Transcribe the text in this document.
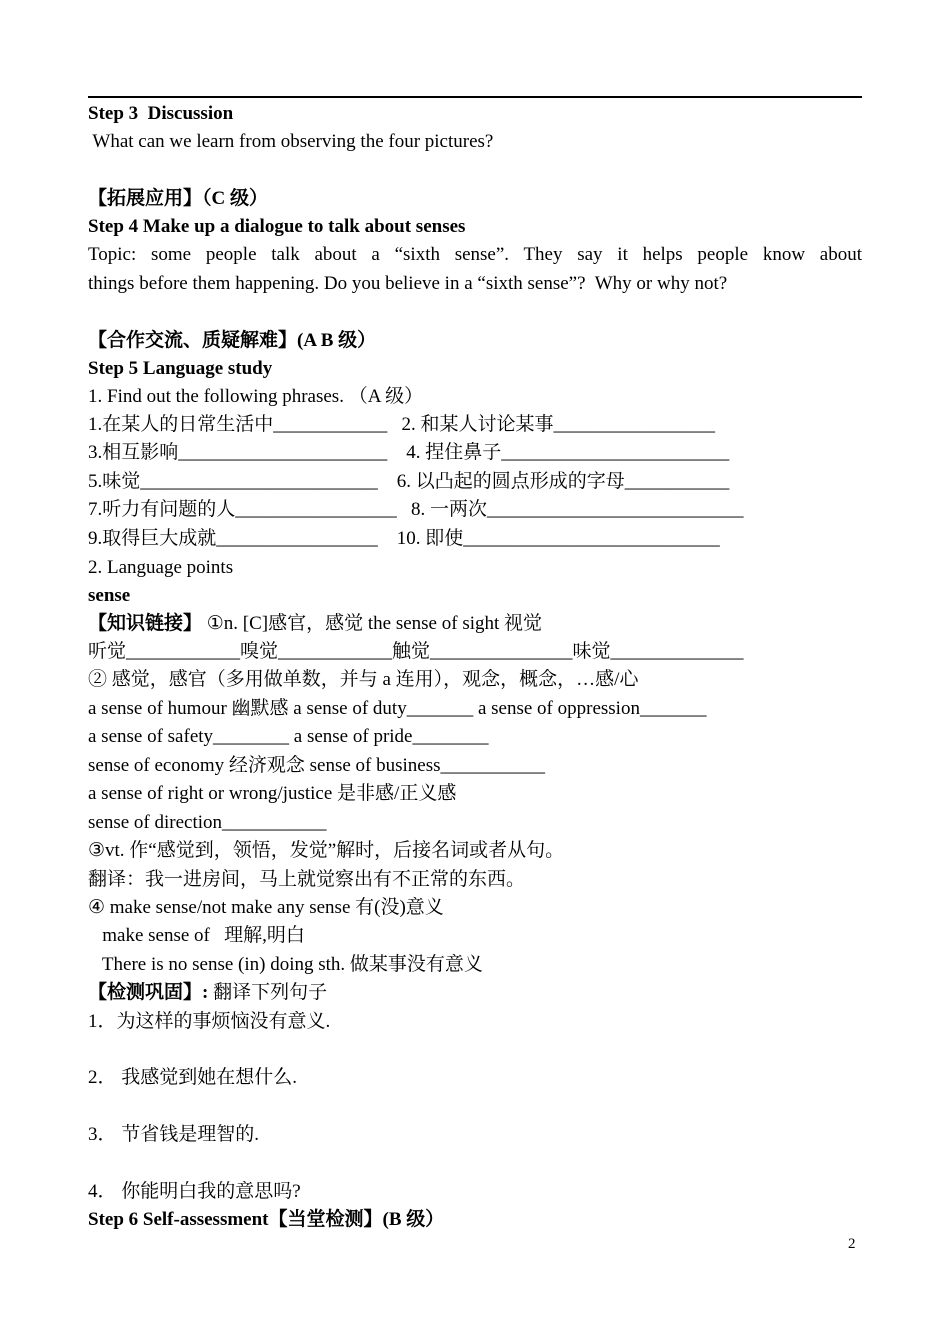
Step 3  Discussion
What can we learn from observing the four pictures?
【拓展应用】（C 级）
Step 4 Make up a dialogue to talk about senses
Topic: some people talk about a “sixth sense”. They say it helps people know about
things before them happening. Do you believe in a “sixth sense”?  Why or why not?
【合作交流、质疑解难】(A B 级）
Step 5 Language study
1. Find out the following phrases. （A 级）
1.在某人的日常生活中____________   2. 和某人讨论某事_________________
3.相互影响______________________    4. 捏住鼻子________________________
5.味觉_________________________    6. 以凸起的圆点形成的字母___________
7.听力有问题的人_________________   8. 一两次___________________________
9.取得巨大成就_________________    10. 即使___________________________
2. Language points
sense
【知识链接】 ①n. [C]感官，感觉 the sense of sight 视觉
听觉____________嗅觉____________触觉_______________味觉______________
② 感觉，感官（多用做单数，并与 a 连用），观念，概念，…感/心
a sense of humour 幽默感 a sense of duty_______ a sense of oppression_______
a sense of safety________ a sense of pride________
sense of economy 经济观念 sense of business___________
a sense of right or wrong/justice 是非感/正义感
sense of direction___________
③vt. 作“感觉到，领悟，发觉”解时，后接名词或者从句。
翻译：我一进房间，马上就觉察出有不正常的东西。
④ make sense/not make any sense 有(没)意义
make sense of   理解,明白
There is no sense (in) doing sth. 做某事没有意义
【检测巩固】: 翻译下列句子
1．为这样的事烦恼没有意义.
2． 我感觉到她在想什么.
3． 节省钱是理智的.
4． 你能明白我的意思吗?
Step 6 Self-assessment【当堂检测】(B 级）
2
